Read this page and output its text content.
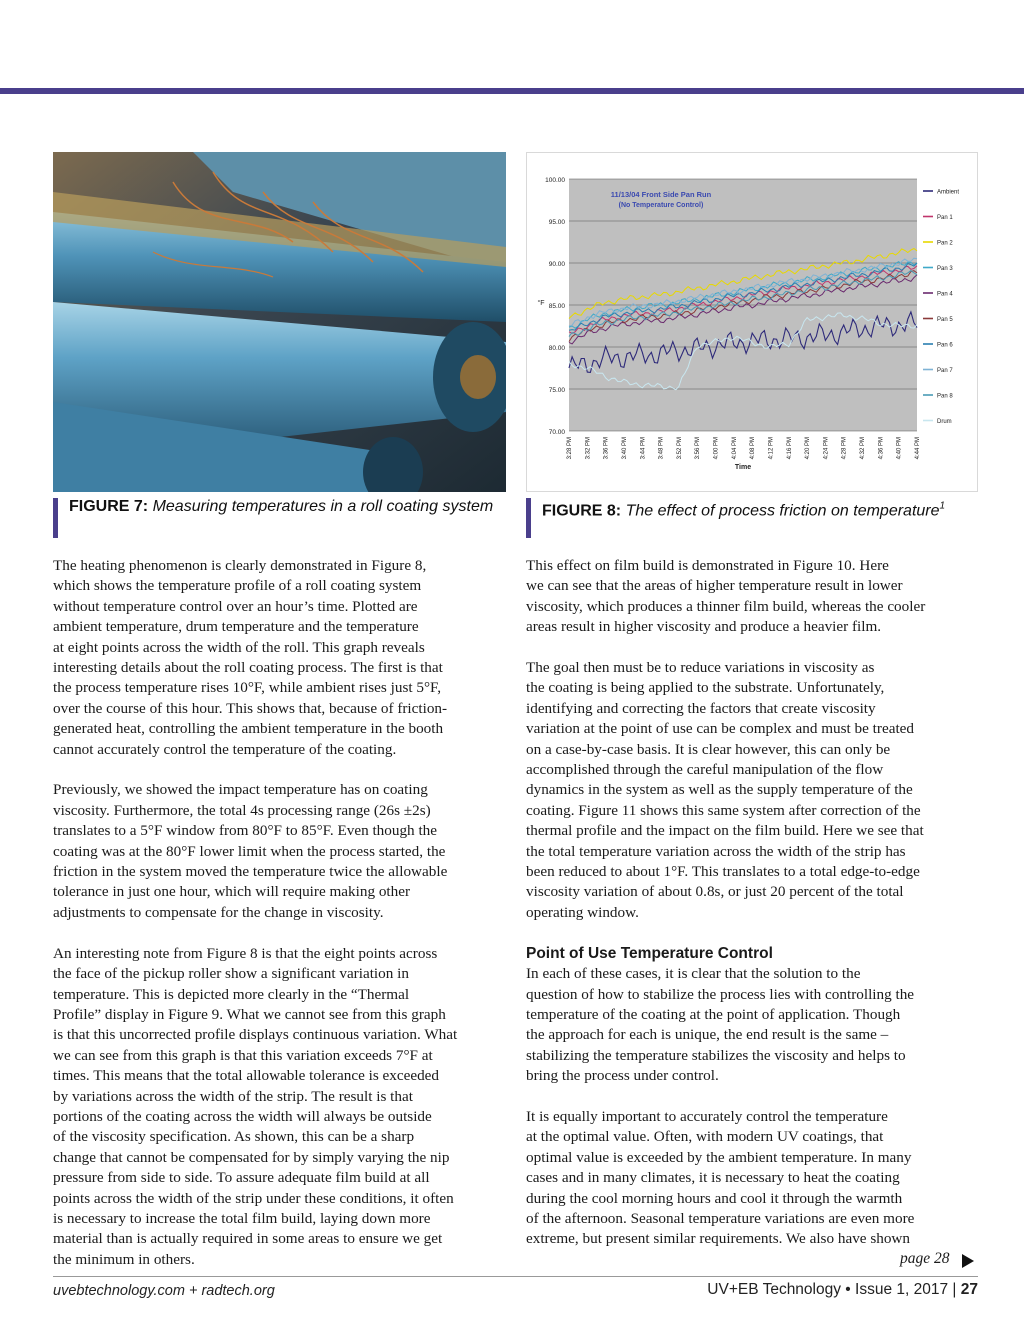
100.00
95.00
90.00
85.00
80.00
75.00
70.00
°F
3:28 PM 3:32 PM 3:36 PM 3:40 PM 3:44 PM 3:48 PM 3:52 PM 3:56 PM 4:00 PM 4:04 PM 4:08 PM 4:12 PM 4:16 PM 4:20 PM 4:24 PM 4:28 PM 4:32 PM 4:36 PM 4:40 PM 4:44 PM
Time
11/13/04 Front Side Pan Run
(No Temperature Control)
Ambient
Pan 1
Pan 2
Pan 3
Pan 4
Pan 5
Pan 6
Pan 7
Pan 8
Drum
FIGURE 7: Measuring temperatures in a roll coating system	FIGURE 8: The effect of process friction on temperature$^1$

The heating phenomenon is clearly demonstrated in Figure 8,
which shows the temperature profile of a roll coating system
without temperature control over an hour’s time. Plotted are
ambient temperature, drum temperature and the temperature
at eight points across the width of the roll. This graph reveals
interesting details about the roll coating process. The first is that
the process temperature rises 10°F, while ambient rises just 5°F,
over the course of this hour. This shows that, because of friction-
generated heat, controlling the ambient temperature in the booth
cannot accurately control the temperature of the coating.

Previously, we showed the impact temperature has on coating
viscosity. Furthermore, the total 4s processing range (26s ±2s)
translates to a 5°F window from 80°F to 85°F. Even though the
coating was at the 80°F lower limit when the process started, the
friction in the system moved the temperature twice the allowable
tolerance in just one hour, which will require making other
adjustments to compensate for the change in viscosity.

An interesting note from Figure 8 is that the eight points across
the face of the pickup roller show a significant variation in
temperature. This is depicted more clearly in the “Thermal
Profile” display in Figure 9. What we cannot see from this graph
is that this uncorrected profile displays continuous variation. What
we can see from this graph is that this variation exceeds 7°F at
times. This means that the total allowable tolerance is exceeded
by variations across the width of the strip. The result is that
portions of the coating across the width will always be outside
of the viscosity specification. As shown, this can be a sharp
change that cannot be compensated for by simply varying the nip
pressure from side to side. To assure adequate film build at all
points across the width of the strip under these conditions, it often
is necessary to increase the total film build, laying down more
material than is actually required in some areas to ensure we get
the minimum in others.

This effect on film build is demonstrated in Figure 10. Here
we can see that the areas of higher temperature result in lower
viscosity, which produces a thinner film build, whereas the cooler
areas result in higher viscosity and produce a heavier film.

The goal then must be to reduce variations in viscosity as
the coating is being applied to the substrate. Unfortunately,
identifying and correcting the factors that create viscosity
variation at the point of use can be complex and must be treated
on a case-by-case basis. It is clear however, this can only be
accomplished through the careful manipulation of the flow
dynamics in the system as well as the supply temperature of the
coating. Figure 11 shows this same system after correction of the
thermal profile and the impact on the film build. Here we see that
the total temperature variation across the width of the strip has
been reduced to about 1°F. This translates to a total edge-to-edge
viscosity variation of about 0.8s, or just 20 percent of the total
operating window.

Point of Use Temperature Control

In each of these cases, it is clear that the solution to the
question of how to stabilize the process lies with controlling the
temperature of the coating at the point of application. Though
the approach for each is unique, the end result is the same –
stabilizing the temperature stabilizes the viscosity and helps to
bring the process under control.

It is equally important to accurately control the temperature
at the optimal value. Often, with modern UV coatings, that
optimal value is exceeded by the ambient temperature. In many
cases and in many climates, it is necessary to heat the coating
during the cool morning hours and cool it through the warmth
of the afternoon. Seasonal temperature variations are even more
extreme, but present similar requirements. We also have shown

page 28
uvebtechnology.com + radtech.org	UV+EB Technology • Issue 1, 2017 | 27
